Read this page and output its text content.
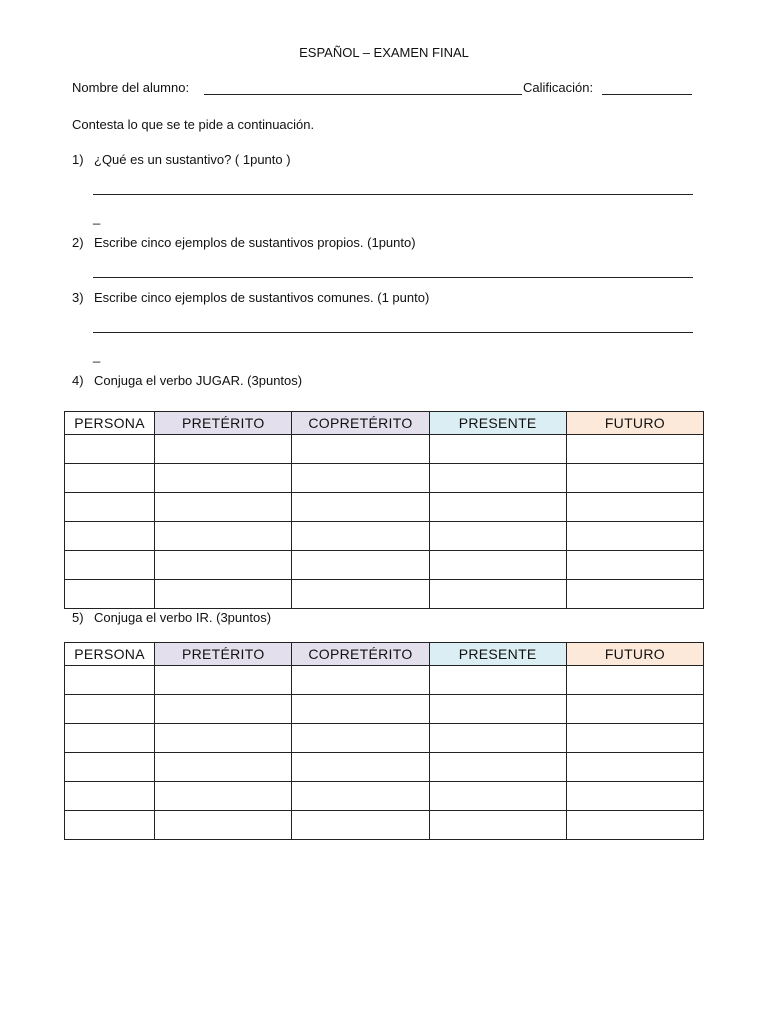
ESPAÑOL – EXAMEN FINAL
Nombre del alumno:	Calificación:
Contesta lo que se te pide a continuación.
1) ¿Qué es un sustantivo? ( 1punto )
_
2) Escribe cinco ejemplos de sustantivos propios. (1punto)
3) Escribe cinco ejemplos de sustantivos comunes. (1 punto)
_
4) Conjuga el verbo JUGAR. (3puntos)
PERSONA	PRETÉRITO	COPRETÉRITO	PRESENTE	FUTURO

5) Conjuga el verbo IR. (3puntos)
PERSONA	PRETÉRITO	COPRETÉRITO	PRESENTE	FUTURO
